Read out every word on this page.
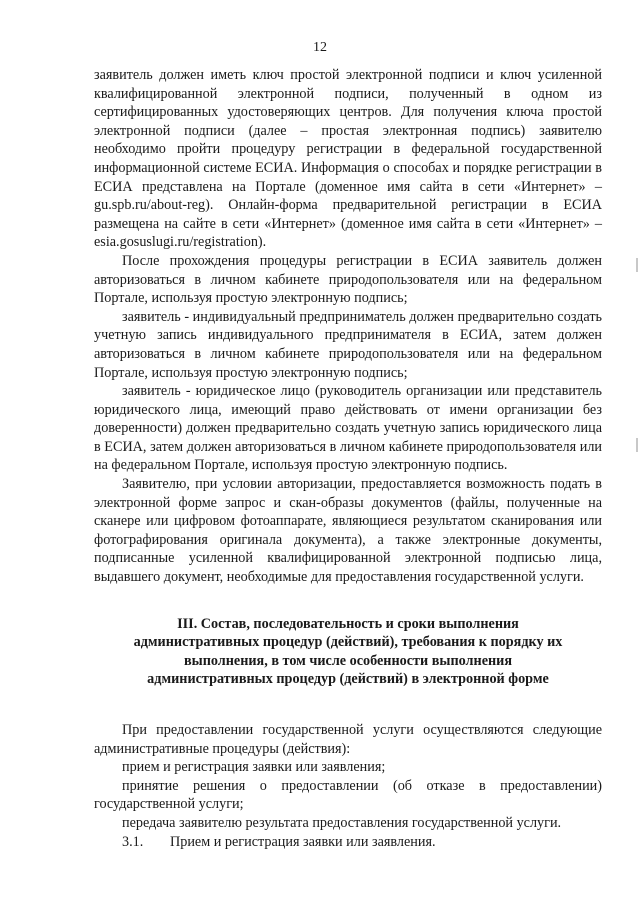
12

заявитель должен иметь ключ простой электронной подписи и ключ усиленной квалифицированной электронной подписи, полученный в одном из сертифицированных удостоверяющих центров. Для получения ключа простой электронной подписи (далее – простая электронная подпись) заявителю необходимо пройти процедуру регистрации в федеральной государственной информационной системе ЕСИА. Информация о способах и порядке регистрации в ЕСИА представлена на Портале (доменное имя сайта в сети «Интернет» – gu.spb.ru/about-reg). Онлайн-форма предварительной регистрации в ЕСИА размещена на сайте в сети «Интернет» (доменное имя сайта в сети «Интернет» – esia.gosuslugi.ru/registration).

После прохождения процедуры регистрации в ЕСИА заявитель должен авторизоваться в личном кабинете природопользователя или на федеральном Портале, используя простую электронную подпись;

заявитель - индивидуальный предприниматель должен предварительно создать учетную запись индивидуального предпринимателя в ЕСИА, затем должен авторизоваться в личном кабинете природопользователя или на федеральном Портале, используя простую электронную подпись;

заявитель - юридическое лицо (руководитель организации или представитель юридического лица, имеющий право действовать от имени организации без доверенности) должен предварительно создать учетную запись юридического лица в ЕСИА, затем должен авторизоваться в личном кабинете природопользователя или на федеральном Портале, используя простую электронную подпись.

Заявителю, при условии авторизации, предоставляется возможность подать в электронной форме запрос и скан-образы документов (файлы, полученные на сканере или цифровом фотоаппарате, являющиеся результатом сканирования или фотографирования оригинала документа), а также электронные документы, подписанные усиленной квалифицированной электронной подписью лица, выдавшего документ, необходимые для предоставления государственной услуги.

III. Состав, последовательность и сроки выполнения административных процедур (действий), требования к порядку их выполнения, в том числе особенности выполнения административных процедур (действий) в электронной форме

При предоставлении государственной услуги осуществляются следующие административные процедуры (действия):

прием и регистрация заявки или заявления;

принятие решения о предоставлении (об отказе в предоставлении) государственной услуги;

передача заявителю результата предоставления государственной услуги.

3.1.	Прием и регистрация заявки или заявления.
